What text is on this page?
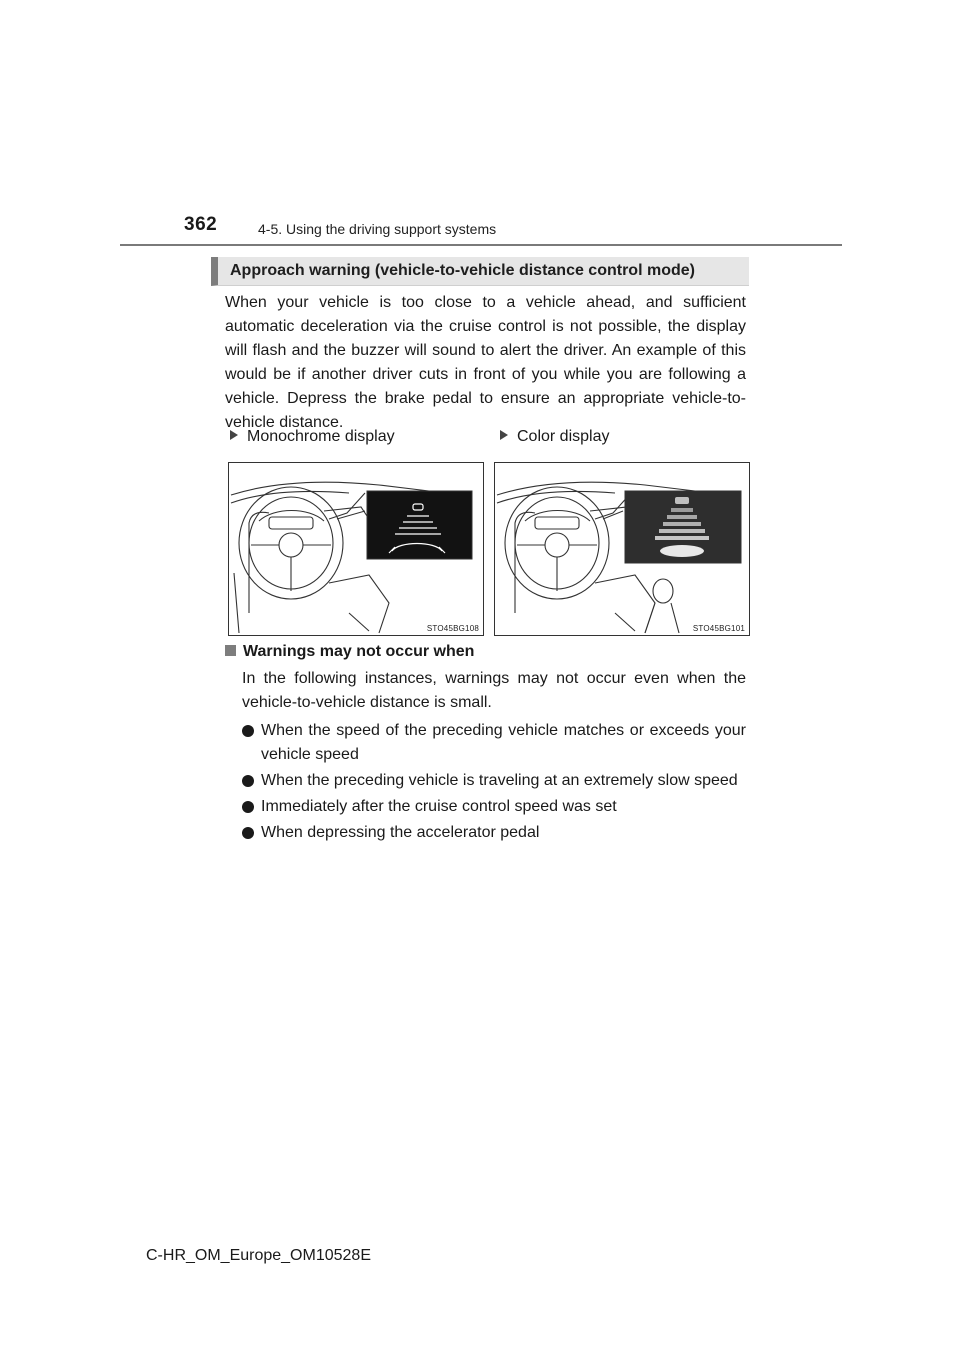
362	4-5. Using the driving support systems
Approach warning (vehicle-to-vehicle distance control mode)

When your vehicle is too close to a vehicle ahead, and sufficient automatic deceleration via the cruise control is not possible, the display will flash and the buzzer will sound to alert the driver. An example of this would be if another driver cuts in front of you while you are following a vehicle. Depress the brake pedal to ensure an appropriate vehicle-to-vehicle distance.

Monochrome display	Color display
STO45BG108	STO45BG101
Warnings may not occur when

In the following instances, warnings may not occur even when the vehicle-to-vehicle distance is small.

When the speed of the preceding vehicle matches or exceeds your vehicle speed
When the preceding vehicle is traveling at an extremely slow speed
Immediately after the cruise control speed was set
When depressing the accelerator pedal
C-HR_OM_Europe_OM10528E
